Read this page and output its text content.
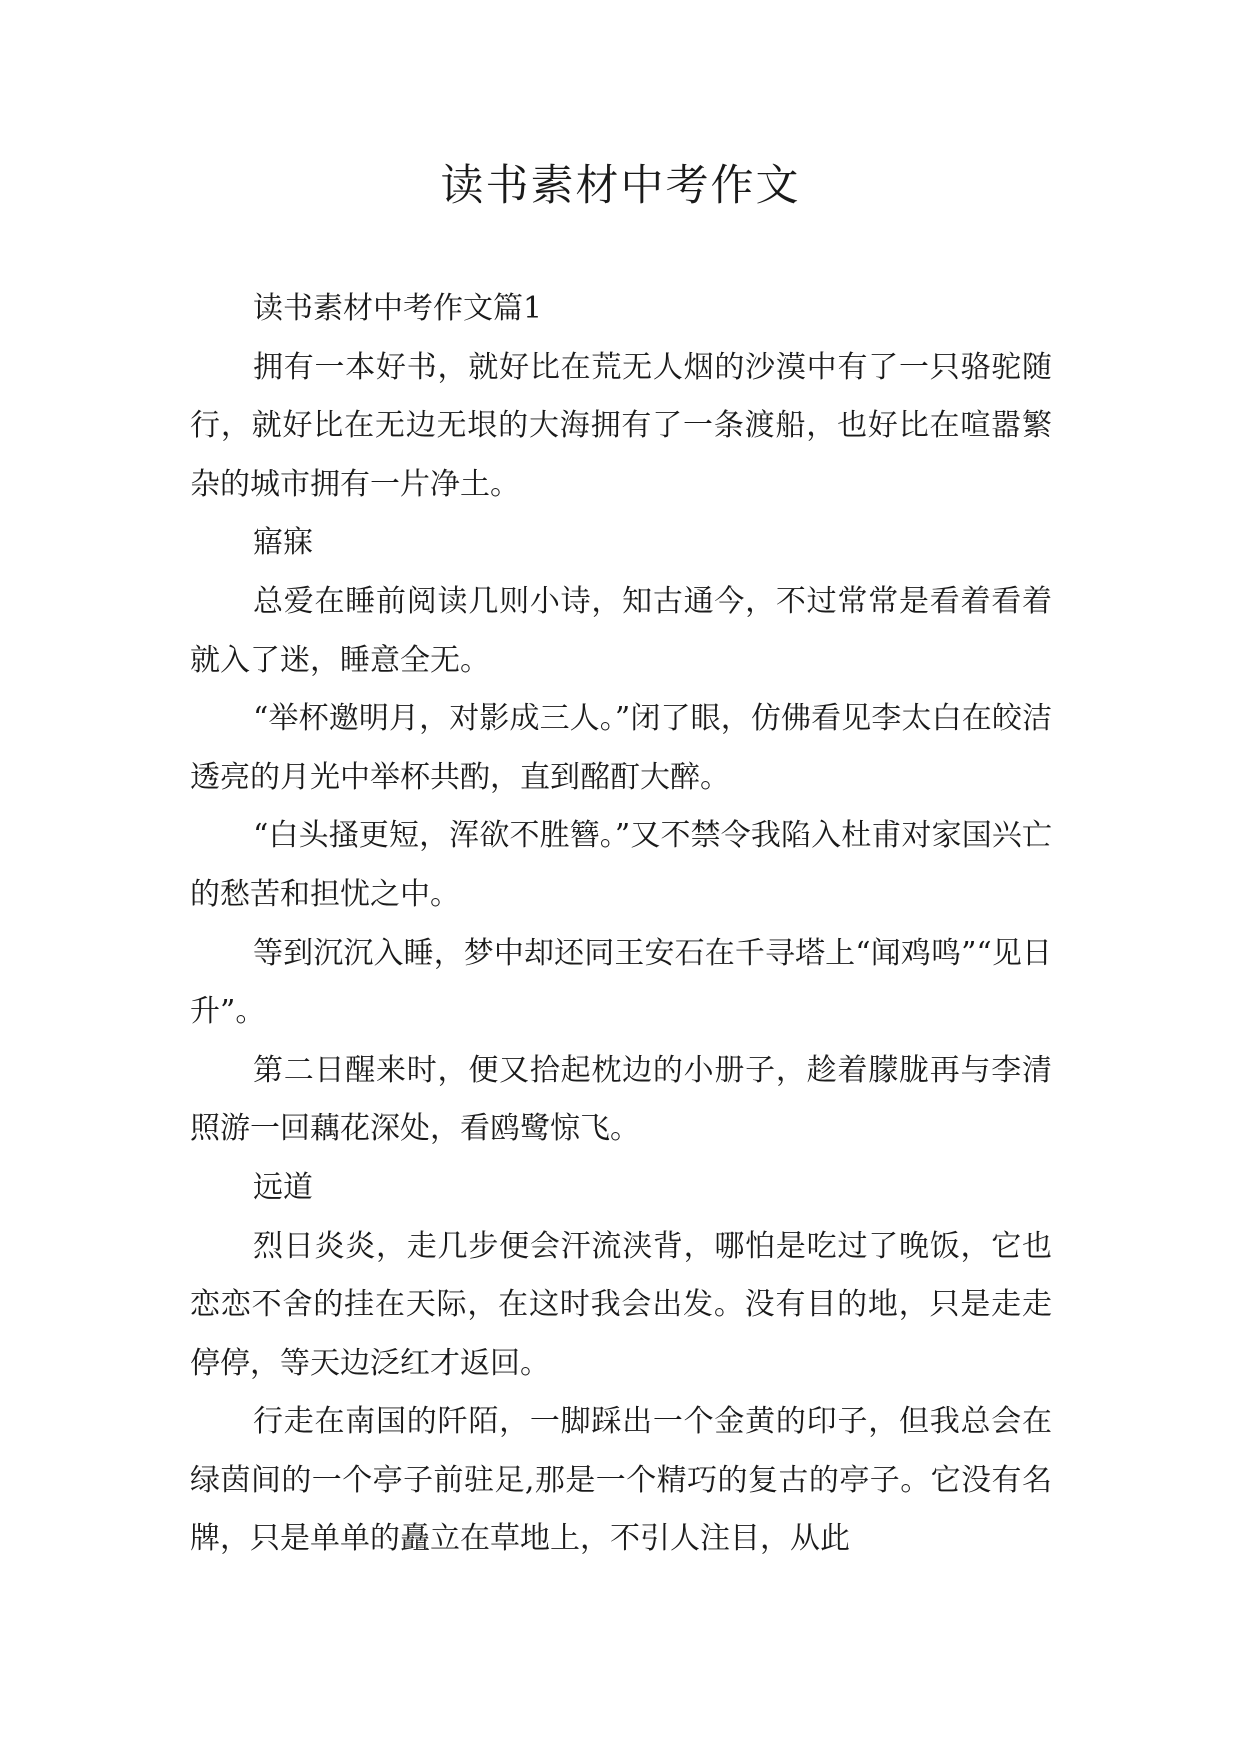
读书素材中考作文

读书素材中考作文篇1

拥有一本好书，就好比在荒无人烟的沙漠中有了一只骆驼随行，就好比在无边无垠的大海拥有了一条渡船，也好比在喧嚣繁杂的城市拥有一片净土。

寤寐

总爱在睡前阅读几则小诗，知古通今，不过常常是看着看着就入了迷，睡意全无。

“举杯邀明月，对影成三人。”闭了眼，仿佛看见李太白在皎洁透亮的月光中举杯共酌，直到酩酊大醉。

“白头搔更短，浑欲不胜簪。”又不禁令我陷入杜甫对家国兴亡的愁苦和担忧之中。

等到沉沉入睡，梦中却还同王安石在千寻塔上“闻鸡鸣”“见日升”。

第二日醒来时，便又拾起枕边的小册子，趁着朦胧再与李清照游一回藕花深处，看鸥鹭惊飞。

远道

烈日炎炎，走几步便会汗流浃背，哪怕是吃过了晚饭，它也恋恋不舍的挂在天际，在这时我会出发。没有目的地，只是走走停停，等天边泛红才返回。

行走在南国的阡陌，一脚踩出一个金黄的印子，但我总会在绿茵间的一个亭子前驻足,那是一个精巧的复古的亭子。它没有名牌，只是单单的矗立在草地上，不引人注目，从此
